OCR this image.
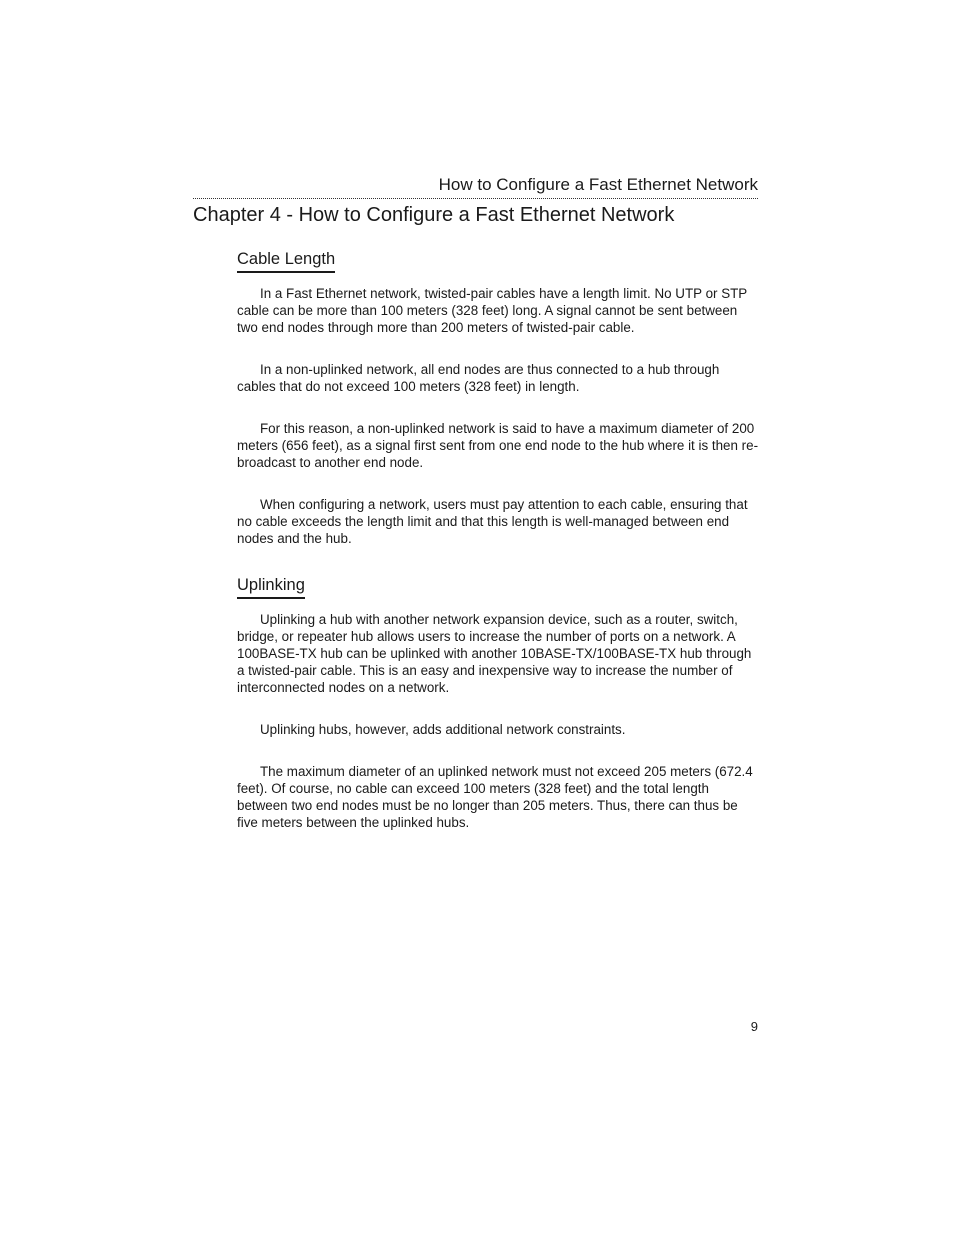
How to Configure a Fast Ethernet Network
Chapter 4 - How to Configure a Fast Ethernet Network
Cable Length

In a Fast Ethernet network, twisted-pair cables have a length limit. No UTP or STP cable can be more than 100 meters (328 feet) long. A signal cannot be sent between two end nodes through more than 200 meters of twisted-pair cable.

In a non-uplinked network, all end nodes are thus connected to a hub through cables that do not exceed 100 meters (328 feet) in length.

For this reason, a non-uplinked network is said to have a maximum diameter of 200 meters (656 feet), as a signal first sent from one end node to the hub where it is then re-broadcast to another end node.

When configuring a network, users must pay attention to each cable, ensuring that no cable exceeds the length limit and that this length is well-managed between end nodes and the hub.

Uplinking

Uplinking a hub with another network expansion device, such as a router, switch, bridge, or repeater hub allows users to increase the number of ports on a network. A 100BASE-TX hub can be uplinked with another 10BASE-TX/100BASE-TX hub through a twisted-pair cable. This is an easy and inexpensive way to increase the number of interconnected nodes on a network.

Uplinking hubs, however, adds additional network constraints.

The maximum diameter of an uplinked network must not exceed 205 meters (672.4 feet). Of course, no cable can exceed 100 meters (328 feet) and the total length between two end nodes must be no longer than 205 meters. Thus, there can thus be five meters between the uplinked hubs.

9
